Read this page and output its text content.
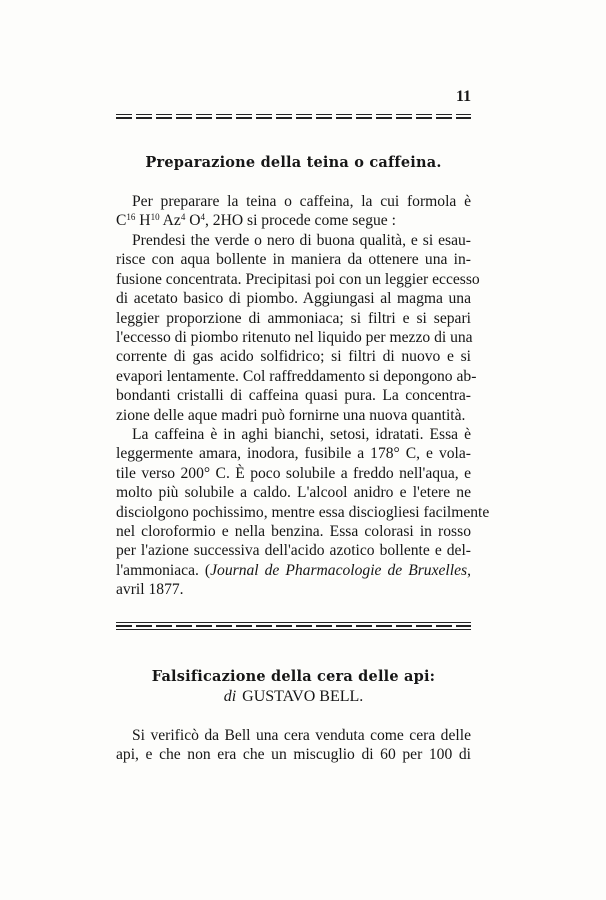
11
Preparazione della teina o caffeina.
Per preparare la teina o caffeina, la cui formola è
$C^{16}$ $H^{10}$ Az$^4$ $O^4$, 2HO si procede come segue :
Prendesi the verde o nero di buona qualità, e si esau-
risce con aqua bollente in maniera da ottenere una in-
fusione concentrata. Precipitasi poi con un leggier eccesso
di acetato basico di piombo. Aggiungasi al magma una
leggier proporzione di ammoniaca; si filtri e si separi
l'eccesso di piombo ritenuto nel liquido per mezzo di una
corrente di gas acido solfidrico; si filtri di nuovo e si
evapori lentamente. Col raffreddamento si depongono ab-
bondanti cristalli di caffeina quasi pura. La concentra-
zione delle aque madri può fornirne una nuova quantità.
La caffeina è in aghi bianchi, setosi, idratati. Essa è
leggermente amara, inodora, fusibile a 178° C, e vola-
tile verso 200° C. È poco solubile a freddo nell'aqua, e
molto più solubile a caldo. L'alcool anidro e l'etere ne
disciolgono pochissimo, mentre essa disciogliesi facilmente
nel cloroformio e nella benzina. Essa colorasi in rosso
per l'azione successiva dell'acido azotico bollente e del-
l'ammoniaca. (Journal de Pharmacologie de Bruxelles,
avril 1877.
Falsificazione della cera delle api:
di GUSTAVO BELL.
Si verificò da Bell una cera venduta come cera delle
api, e che non era che un miscuglio di 60 per 100 di
